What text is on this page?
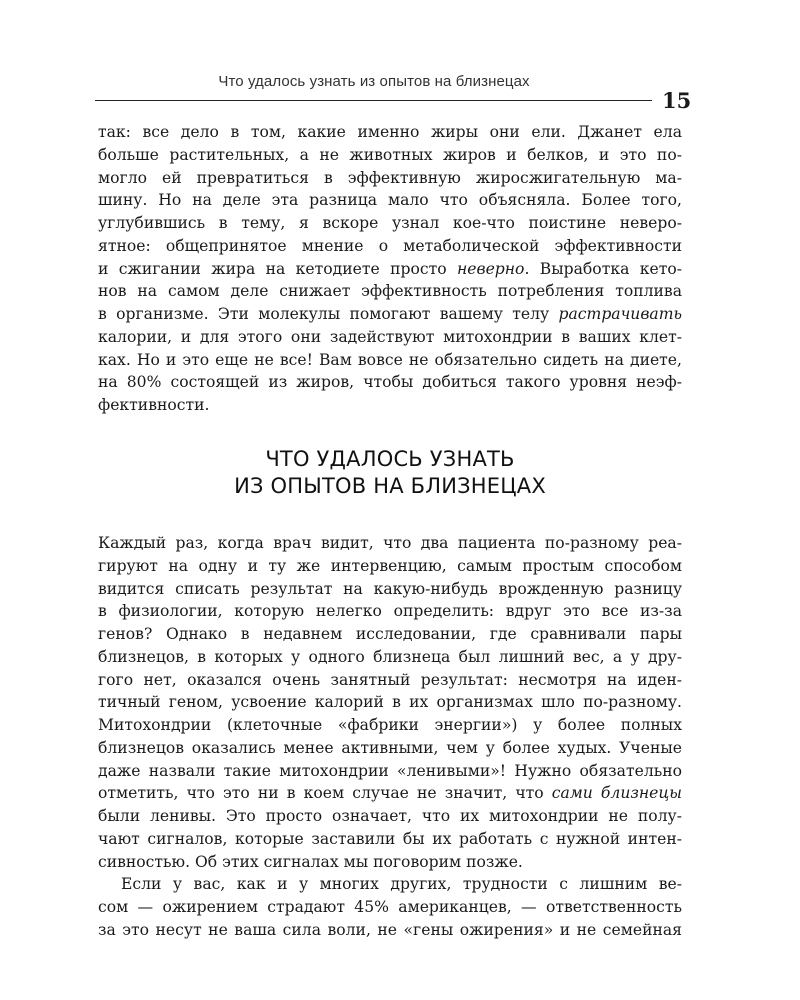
Что удалось узнать из опытов на близнецах
15
так: все дело в том, какие именно жиры они ели. Джанет ела
больше растительных, а не животных жиров и белков, и это по-
могло ей превратиться в эффективную жиросжигательную ма-
шину. Но на деле эта разница мало что объясняла. Более того,
углубившись в тему, я вскоре узнал кое-что поистине неверо-
ятное: общепринятое мнение о метаболической эффективности
и сжигании жира на кетодиете просто неверно. Выработка кето-
нов на самом деле снижает эффективность потребления топлива
в организме. Эти молекулы помогают вашему телу растрачивать
калории, и для этого они задействуют митохондрии в ваших клет-
ках. Но и это еще не все! Вам вовсе не обязательно сидеть на диете,
на 80% состоящей из жиров, чтобы добиться такого уровня неэф-
фективности.
ЧТО УДАЛОСЬ УЗНАТЬ
ИЗ ОПЫТОВ НА БЛИЗНЕЦАХ
Каждый раз, когда врач видит, что два пациента по-разному реа-
гируют на одну и ту же интервенцию, самым простым способом
видится списать результат на какую-нибудь врожденную разницу
в физиологии, которую нелегко определить: вдруг это все из-за
генов? Однако в недавнем исследовании, где сравнивали пары
близнецов, в которых у одного близнеца был лишний вес, а у дру-
гого нет, оказался очень занятный результат: несмотря на иден-
тичный геном, усвоение калорий в их организмах шло по-разному.
Митохондрии (клеточные «фабрики энергии») у более полных
близнецов оказались менее активными, чем у более худых. Ученые
даже назвали такие митохондрии «ленивыми»! Нужно обязательно
отметить, что это ни в коем случае не значит, что сами близнецы
были ленивы. Это просто означает, что их митохондрии не полу-
чают сигналов, которые заставили бы их работать с нужной интен-
сивностью. Об этих сигналах мы поговорим позже.
Если у вас, как и у многих других, трудности с лишним ве-
сом — ожирением страдают 45% американцев, — ответственность
за это несут не ваша сила воли, не «гены ожирения» и не семейная
